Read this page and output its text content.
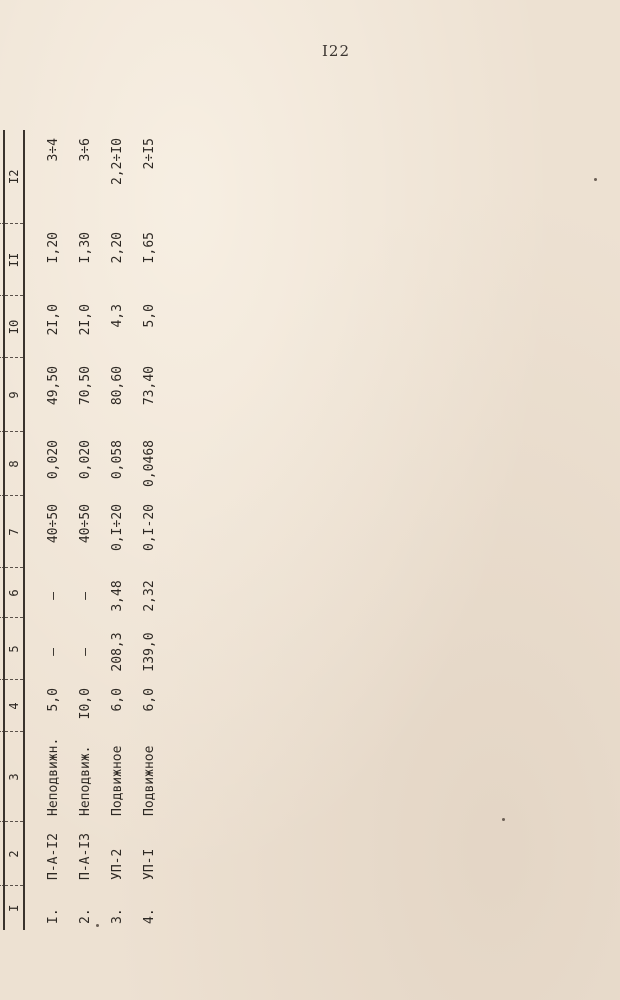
I22

I	2	3	4	5	6	7	8	9	I0	II	I2

I.	П-А-I2	Неподвижн.	5,0	–	–	40÷50	0,020	49,50	2I,0	I,20	3÷4
2.	П-А-I3	Неподвиж.	I0,0	–	–	40÷50	0,020	70,50	2I,0	I,30	3÷6
3.	УП-2	Подвижное	6,0	208,3	3,48	0,I÷20	0,058	80,60	4,3	2,20	2,2÷I0
4.	УП-I	Подвижное	6,0	I39,0	2,32	0,I-20	0,0468	73,40	5,0	I,65	2÷I5
